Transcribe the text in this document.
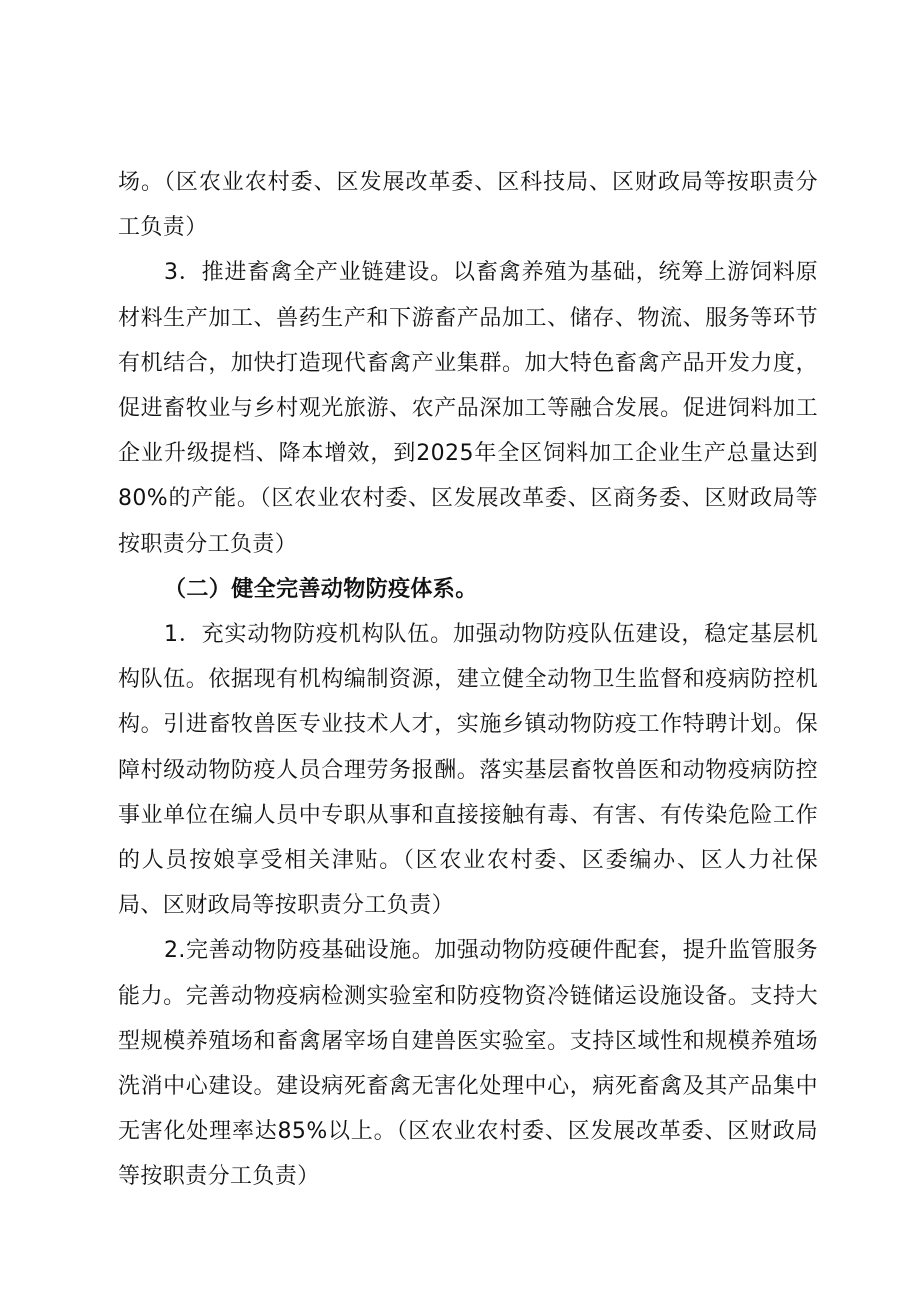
场。（区农业农村委、区发展改革委、区科技局、区财政局等按职责分工负责）

3．推进畜禽全产业链建设。以畜禽养殖为基础，统筹上游饲料原材料生产加工、兽药生产和下游畜产品加工、储存、物流、服务等环节有机结合，加快打造现代畜禽产业集群。加大特色畜禽产品开发力度，促进畜牧业与乡村观光旅游、农产品深加工等融合发展。促进饲料加工企业升级提档、降本增效，到2025年全区饲料加工企业生产总量达到80%的产能。（区农业农村委、区发展改革委、区商务委、区财政局等按职责分工负责）

（二）健全完善动物防疫体系。

1．充实动物防疫机构队伍。加强动物防疫队伍建设，稳定基层机构队伍。依据现有机构编制资源，建立健全动物卫生监督和疫病防控机构。引进畜牧兽医专业技术人才，实施乡镇动物防疫工作特聘计划。保障村级动物防疫人员合理劳务报酬。落实基层畜牧兽医和动物疫病防控事业单位在编人员中专职从事和直接接触有毒、有害、有传染危险工作的人员按娘享受相关津贴。（区农业农村委、区委编办、区人力社保局、区财政局等按职责分工负责）

2.完善动物防疫基础设施。加强动物防疫硬件配套，提升监管服务能力。完善动物疫病检测实验室和防疫物资冷链储运设施设备。支持大型规模养殖场和畜禽屠宰场自建兽医实验室。支持区域性和规模养殖场洗消中心建设。建设病死畜禽无害化处理中心，病死畜禽及其产品集中无害化处理率达85%以上。（区农业农村委、区发展改革委、区财政局等按职责分工负责）
